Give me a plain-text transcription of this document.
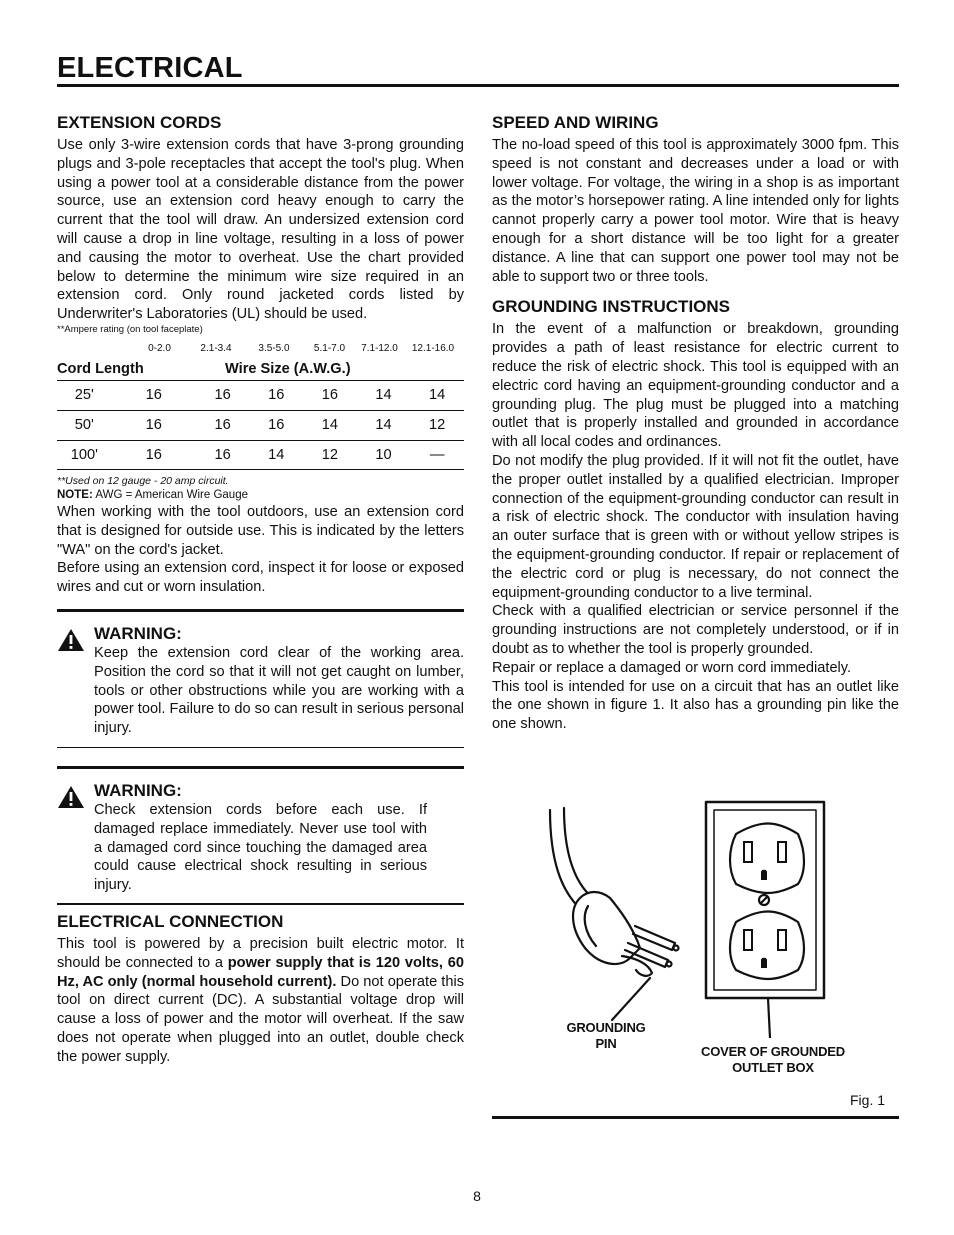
ELECTRICAL
EXTENSION CORDS

Use only 3-wire extension cords that have 3-prong grounding plugs and 3-pole receptacles that accept the tool's plug. When using a power tool at a considerable distance from the power source, use an extension cord heavy enough to carry the current that the tool will draw. An undersized extension cord will cause a drop in line voltage, resulting in a loss of power and causing the motor to overheat. Use the chart provided below to determine the minimum wire size required in an extension cord. Only round jacketed cords listed by Underwriter's Laboratories (UL) should be used.

**Ampere rating (on tool faceplate)
0-2.0	2.1-3.4	3.5-5.0	5.1-7.0	7.1-12.0	12.1-16.0
Cord Length	Wire Size (A.W.G.)
25'	16	16	16	16	14	14
50'	16	16	16	14	14	12
100'	16	16	14	12	10	—
**Used on 12 gauge - 20 amp circuit.
NOTE: AWG = American Wire Gauge

When working with the tool outdoors, use an extension cord that is designed for outside use. This is indicated by the letters "WA" on the cord's jacket.

Before using an extension cord, inspect it for loose or exposed wires and cut or worn insulation.

WARNING:

Keep the extension cord clear of the working area. Position the cord so that it will not get caught on lumber, tools or other obstructions while you are working with a power tool. Failure to do so can result in serious personal injury.

WARNING:

Check extension cords before each use. If damaged replace immediately. Never use tool with a damaged cord since touching the damaged area could cause electrical shock resulting in serious injury.

ELECTRICAL CONNECTION

This tool is powered by a precision built electric motor. It should be connected to a power supply that is 120 volts, 60 Hz, AC only (normal household current). Do not operate this tool on direct current (DC). A substantial voltage drop will cause a loss of power and the motor will overheat. If the saw does not operate when plugged into an outlet, double check the power supply.

SPEED AND WIRING

The no-load speed of this tool is approximately 3000 fpm. This speed is not constant and decreases under a load or with lower voltage. For voltage, the wiring in a shop is as important as the motor’s horsepower rating. A line intended only for lights cannot properly carry a power tool motor. Wire that is heavy enough for a short distance will be too light for a greater distance. A line that can support one power tool may not be able to support two or three tools.

GROUNDING INSTRUCTIONS

In the event of a malfunction or breakdown, grounding provides a path of least resistance for electric current to reduce the risk of electric shock. This tool is equipped with an electric cord having an equipment-grounding conductor and a grounding plug. The plug must be plugged into a matching outlet that is properly installed and grounded in accordance with all local codes and ordinances.

Do not modify the plug provided. If it will not fit the outlet, have the proper outlet installed by a qualified electrician. Improper connection of the equipment-grounding conductor can result in a risk of electric shock. The conductor with insulation having an outer surface that is green with or without yellow stripes is the equipment-grounding conductor. If repair or replacement of the electric cord or plug is necessary, do not connect the equipment-grounding conductor to a live terminal.

Check with a qualified electrician or service personnel if the grounding instructions are not completely understood, or if in doubt as to whether the tool is properly grounded.

Repair or replace a damaged or worn cord immediately.

This tool is intended for use on a circuit that has an outlet like the one shown in figure 1. It also has a grounding pin like the one shown.

GROUNDING
PIN
COVER OF GROUNDED
OUTLET BOX
Fig. 1
8
